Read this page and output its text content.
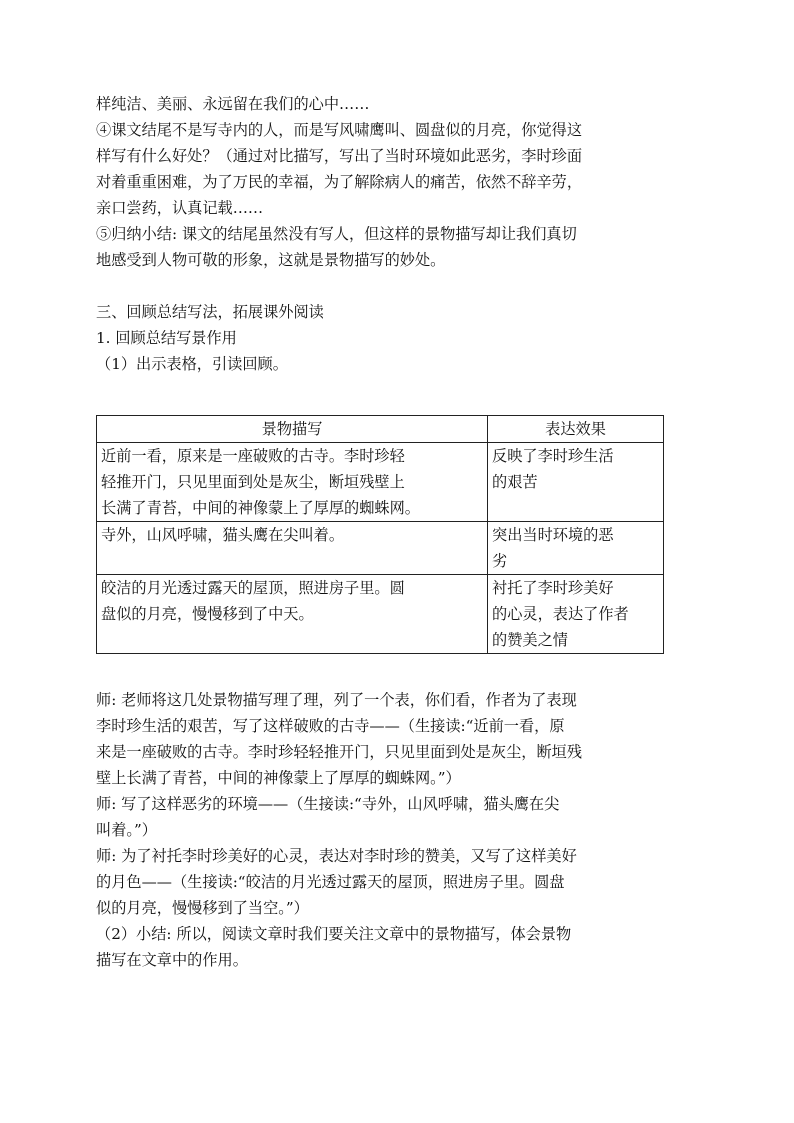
样纯洁、美丽、永远留在我们的心中……

④课文结尾不是写寺内的人，而是写风啸鹰叫、圆盘似的月亮，你觉得这

样写有什么好处？（通过对比描写，写出了当时环境如此恶劣，李时珍面

对着重重困难，为了万民的幸福，为了解除病人的痛苦，依然不辞辛劳，

亲口尝药，认真记载……

⑤归纳小结: 课文的结尾虽然没有写人，但这样的景物描写却让我们真切

地感受到人物可敬的形象，这就是景物描写的妙处。

三、回顾总结写法，拓展课外阅读

1. 回顾总结写景作用

（1）出示表格，引读回顾。

景物描写	表达效果

近前一看，原来是一座破败的古寺。李时珍轻
轻推开门，只见里面到处是灰尘，断垣残壁上
长满了青苔，中间的神像蒙上了厚厚的蜘蛛网。	反映了李时珍生活
的艰苦

寺外，山风呼啸，猫头鹰在尖叫着。	突出当时环境的恶
劣

皎洁的月光透过露天的屋顶，照进房子里。圆
盘似的月亮，慢慢移到了中天。	衬托了李时珍美好
的心灵，表达了作者
的赞美之情

师: 老师将这几处景物描写理了理，列了一个表，你们看，作者为了表现

李时珍生活的艰苦，写了这样破败的古寺——（生接读:“近前一看，原

来是一座破败的古寺。李时珍轻轻推开门，只见里面到处是灰尘，断垣残

壁上长满了青苔，中间的神像蒙上了厚厚的蜘蛛网。”）

师: 写了这样恶劣的环境——（生接读:“寺外，山风呼啸，猫头鹰在尖

叫着。”）

师: 为了衬托李时珍美好的心灵，表达对李时珍的赞美，又写了这样美好

的月色——（生接读:“皎洁的月光透过露天的屋顶，照进房子里。圆盘

似的月亮，慢慢移到了当空。”）

（2）小结: 所以，阅读文章时我们要关注文章中的景物描写，体会景物

描写在文章中的作用。
